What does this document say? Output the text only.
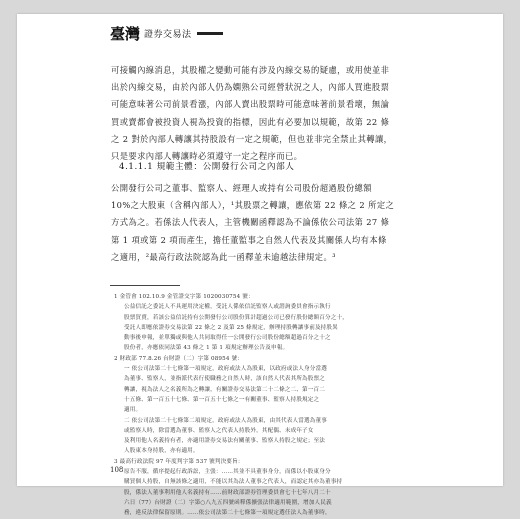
臺灣 證券交易法
可接觸內線消息，其股權之變動可能有涉及內線交易的疑慮，或用使並非
出於內線交易，由於內部人仍為嫻熟公司經營狀況之人，內部人買進股票
可能意味著公司前景看漲，內部人賣出股票時可能意味著前景看壞，無論
買或賣都會被投資人視為投資的指標，因此有必要加以規範，故第 22 條
之 2 對於內部人轉讓其持股設有一定之規範，但也並非完全禁止其轉讓，
只是要求內部人轉讓時必須遵守一定之程序而已。
4.1.1.1 規範主體：公開發行公司之內部人
公開發行公司之董事、監察人、經理人或持有公司股份超過股份總額
10%之大股東（含稱內部人），¹其股票之轉讓，應依第 22 條之 2 所定之
方式為之。若係法人代表人，主管機關函釋認為不論係依公司法第 27 條
第 1 項或第 2 項而產生，擔任董監事之自然人代表及其關係人均有本條
之適用，²最高行政法院認為此一函釋並未逾越法律規定。³
1 金管會 102.10.9 金管證交字第 1020030754 號：
公益信託之委託人不具運用決定權，受託人係依信託監察人或諮詢委員會指示執行
股票買賣，若該公益信託持有公開發行公司股份算計超過公司已發行股份總額百分之十，
受託人即應依證券交易法第 22 條之 2 及第 25 條規定，辦理持股轉讓事前及持股異
動事後申報，並單獨或與他人共同取得任一公開發行公司股份總額超過百分之十之
股份者，亦應依同法第 43 條之 1 第 1 項規定辦理公告及申報。
2 財政部 77.8.26 台財證（二）字第 08954 號：
一 依公司法第二十七條第一項規定，政府或法人為股東，以政府或法人身分當選
為董事、監察人，並指派代表行使職務之自然人時，該自然人代表其所為股票之
轉讓，視為法人之名義所為之轉讓，有關證券交易法第二十二條之二、第一百二
十五條、第一百五十七條、第一百五十七條之一有關董事、監察人持股規定之
適用。
二 依公司法第二十七條第二項規定，政府或法人為股東，由其代表人當選為董事
或監察人時，除當選為董事、監察人之代表人持股外，其配偶、未成年子女
及利用他人名義持有者，亦適用證券交易法有關董事、監察人持股之規定；至法
人股東本身持股，亦有適用。
3 最高行政法院 97 年度判字第 537 號判決要旨：
原告不服，循序提起行政訴訟，主張：……其並不具董事身分，而係以小股東身分
購買個人持股，自無該條之適用，不能以其為法人董事之代表人，而認定其亦為董事持
股，係法人董事利用他人名義持有……前財政部證券管理委員會七十七年八月二十
六日（77）台財證（二）字第○八九五四號函釋係擴張法律適用範圍，增加人民義
務，違反法律保留原則。……依公司法第二十七條第一項規定選任法人為董事時，
108
